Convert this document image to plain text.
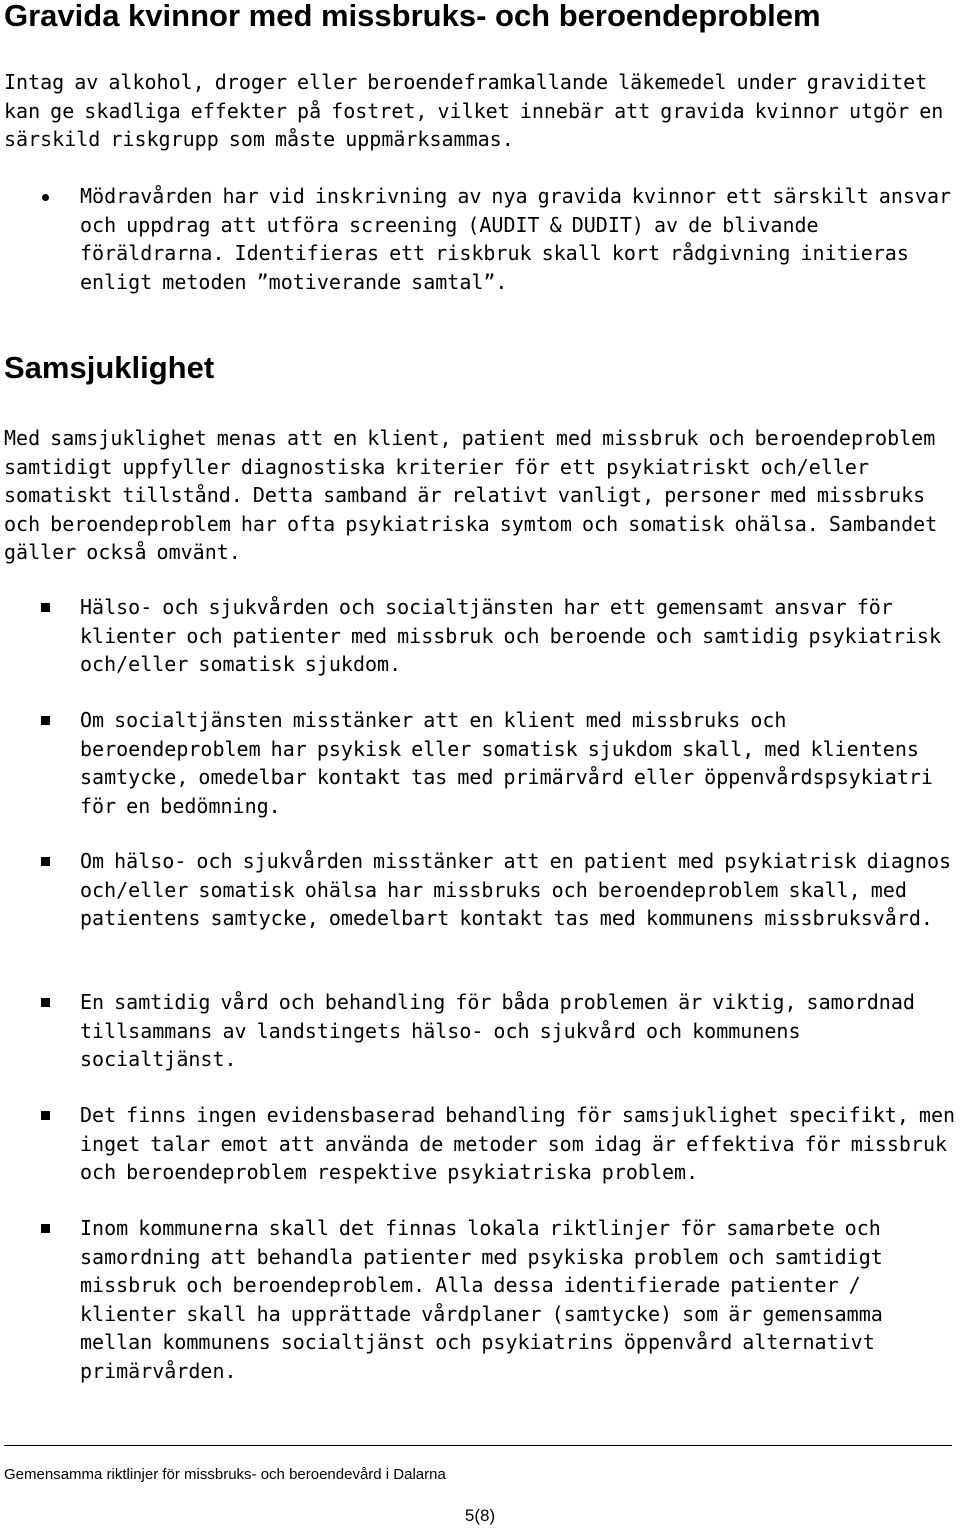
Gravida kvinnor med missbruks- och beroendeproblem

Intag av alkohol, droger eller beroendeframkallande läkemedel under graviditet kan ge skadliga effekter på fostret, vilket innebär att gravida kvinnor utgör en särskild riskgrupp som måste uppmärksammas.

Mödravården har vid inskrivning av nya gravida kvinnor ett särskilt ansvar och uppdrag att utföra screening (AUDIT & DUDIT) av de blivande föräldrarna. Identifieras ett riskbruk skall kort rådgivning initieras enligt metoden ”motiverande samtal”.

Samsjuklighet

Med samsjuklighet menas att en klient, patient med missbruk och beroendeproblem samtidigt uppfyller diagnostiska kriterier för ett psykiatriskt och/eller somatiskt tillstånd. Detta samband är relativt vanligt, personer med missbruks och beroendeproblem har ofta psykiatriska symtom och somatisk ohälsa. Sambandet gäller också omvänt.

Hälso- och sjukvården och socialtjänsten har ett gemensamt ansvar för klienter och patienter med missbruk och beroende och samtidig psykiatrisk och/eller somatisk sjukdom.

Om socialtjänsten misstänker att en klient med missbruks och beroendeproblem har psykisk eller somatisk sjukdom skall, med klientens samtycke, omedelbar kontakt tas med primärvård eller öppenvårdspsykiatri för en bedömning.

Om hälso- och sjukvården misstänker att en patient med psykiatrisk diagnos och/eller somatisk ohälsa har missbruks och beroendeproblem skall, med patientens samtycke, omedelbart kontakt tas med kommunens missbruksvård.

En samtidig vård och behandling för båda problemen är viktig, samordnad tillsammans av landstingets hälso- och sjukvård och kommunens socialtjänst.

Det finns ingen evidensbaserad behandling för samsjuklighet specifikt, men inget talar emot att använda de metoder som idag är effektiva för missbruk och beroendeproblem respektive psykiatriska problem.

Inom kommunerna skall det finnas lokala riktlinjer för samarbete och samordning att behandla patienter med psykiska problem och samtidigt missbruk och beroendeproblem. Alla dessa identifierade patienter / klienter skall ha upprättade vårdplaner (samtycke) som är gemensamma mellan kommunens socialtjänst och psykiatrins öppenvård alternativt primärvården.

Gemensamma riktlinjer för missbruks- och beroendevård i Dalarna

5(8)
